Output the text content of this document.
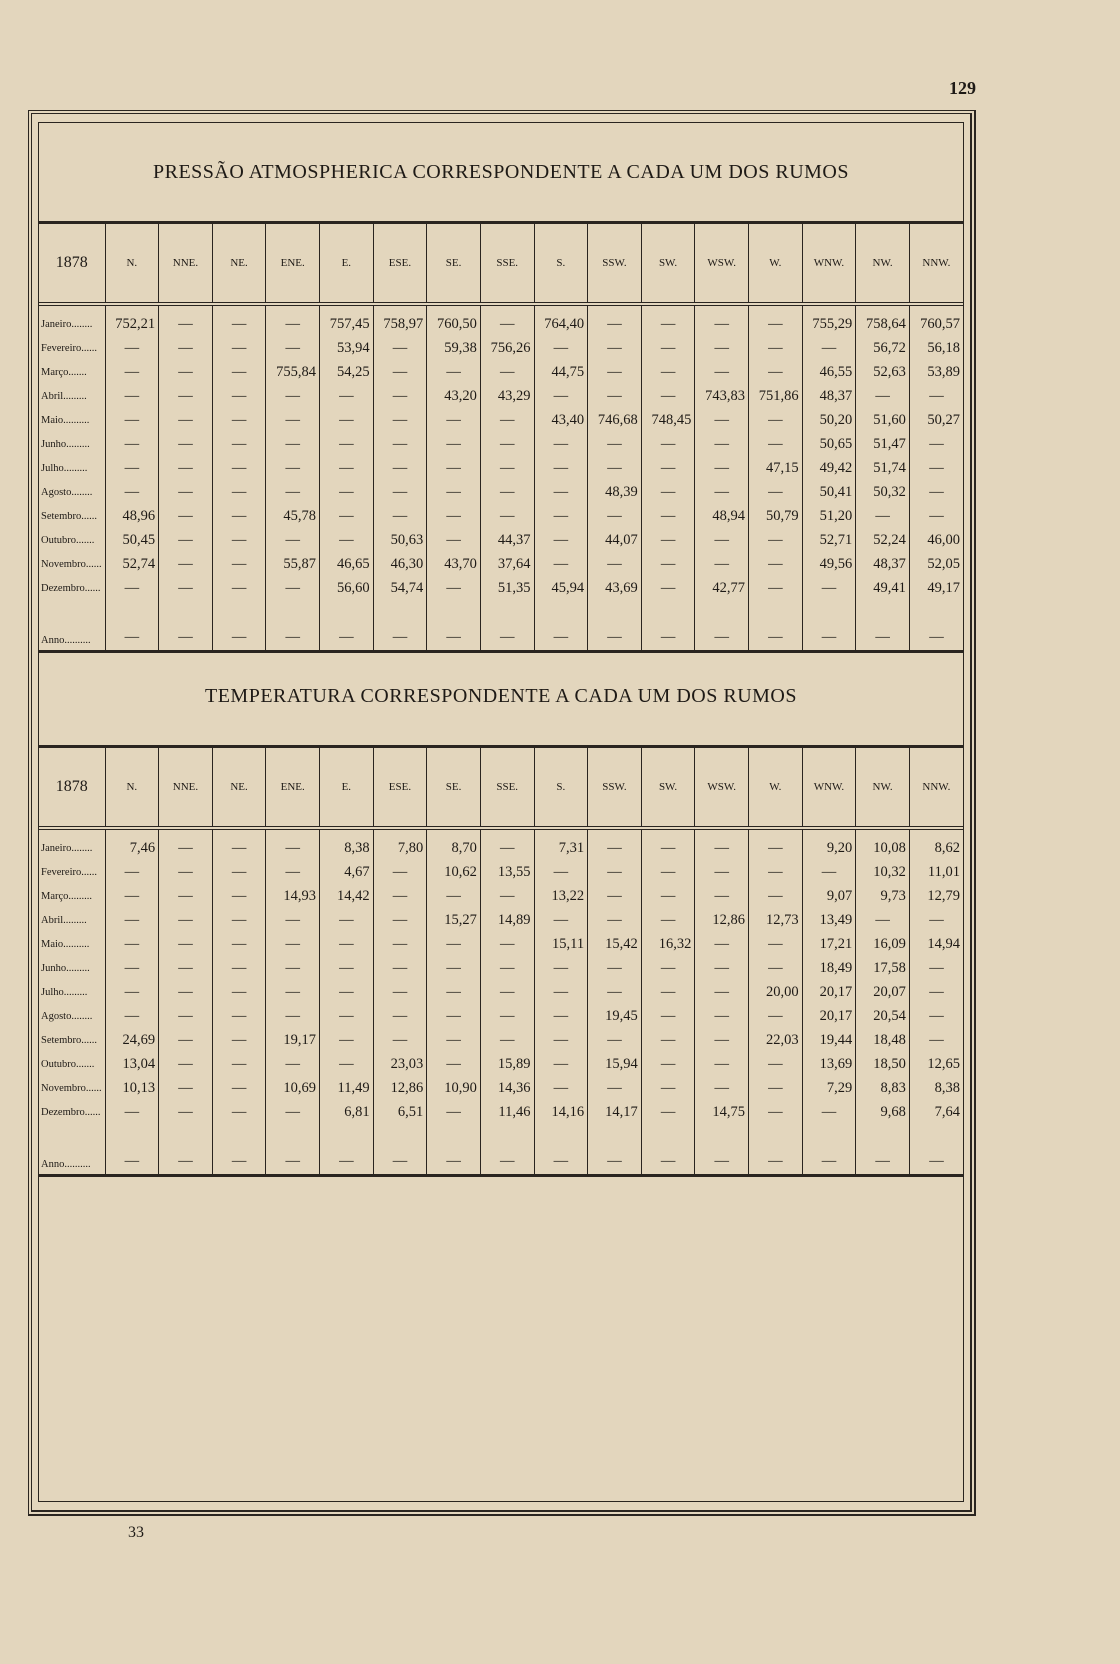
129
PRESSÃO ATMOSPHERICA CORRESPONDENTE A CADA UM DOS RUMOS
1878	N.	NNE.	NE.	ENE.	E.	ESE.	SE.	SSE.	S.	SSW.	SW.	WSW.	W.	WNW.	NW.	NNW.
Janeiro........	752,21	—	—	—	757,45	758,97	760,50	—	764,40	—	—	—	—	755,29	758,64	760,57
Fevereiro......	—	—	—	—	53,94	—	59,38	756,26	—	—	—	—	—	—	56,72	56,18
Março.......	—	—	—	755,84	54,25	—	—	—	44,75	—	—	—	—	46,55	52,63	53,89
Abril.........	—	—	—	—	—	—	43,20	43,29	—	—	—	743,83	751,86	48,37	—	—
Maio..........	—	—	—	—	—	—	—	—	43,40	746,68	748,45	—	—	50,20	51,60	50,27
Junho.........	—	—	—	—	—	—	—	—	—	—	—	—	—	50,65	51,47	—
Julho.........	—	—	—	—	—	—	—	—	—	—	—	—	47,15	49,42	51,74	—
Agosto........	—	—	—	—	—	—	—	—	—	48,39	—	—	—	50,41	50,32	—
Setembro......	48,96	—	—	45,78	—	—	—	—	—	—	—	48,94	50,79	51,20	—	—
Outubro.......	50,45	—	—	—	—	50,63	—	44,37	—	44,07	—	—	—	52,71	52,24	46,00
Novembro......	52,74	—	—	55,87	46,65	46,30	43,70	37,64	—	—	—	—	—	49,56	48,37	52,05
Dezembro......	—	—	—	—	56,60	54,74	—	51,35	45,94	43,69	—	42,77	—	—	49,41	49,17
Anno..........	—	—	—	—	—	—	—	—	—	—	—	—	—	—	—	—
TEMPERATURA CORRESPONDENTE A CADA UM DOS RUMOS
1878	N.	NNE.	NE.	ENE.	E.	ESE.	SE.	SSE.	S.	SSW.	SW.	WSW.	W.	WNW.	NW.	NNW.
Janeiro........	7,46	—	—	—	8,38	7,80	8,70	—	7,31	—	—	—	—	9,20	10,08	8,62
Fevereiro......	—	—	—	—	4,67	—	10,62	13,55	—	—	—	—	—	—	10,32	11,01
Março.........	—	—	—	14,93	14,42	—	—	—	13,22	—	—	—	—	9,07	9,73	12,79
Abril.........	—	—	—	—	—	—	15,27	14,89	—	—	—	12,86	12,73	13,49	—	—
Maio..........	—	—	—	—	—	—	—	—	15,11	15,42	16,32	—	—	17,21	16,09	14,94
Junho.........	—	—	—	—	—	—	—	—	—	—	—	—	—	18,49	17,58	—
Julho.........	—	—	—	—	—	—	—	—	—	—	—	—	20,00	20,17	20,07	—
Agosto........	—	—	—	—	—	—	—	—	—	19,45	—	—	—	20,17	20,54	—
Setembro......	24,69	—	—	19,17	—	—	—	—	—	—	—	—	22,03	19,44	18,48	—
Outubro.......	13,04	—	—	—	—	23,03	—	15,89	—	15,94	—	—	—	13,69	18,50	12,65
Novembro......	10,13	—	—	10,69	11,49	12,86	10,90	14,36	—	—	—	—	—	7,29	8,83	8,38
Dezembro......	—	—	—	—	6,81	6,51	—	11,46	14,16	14,17	—	14,75	—	—	9,68	7,64
Anno..........	—	—	—	—	—	—	—	—	—	—	—	—	—	—	—	—
33
